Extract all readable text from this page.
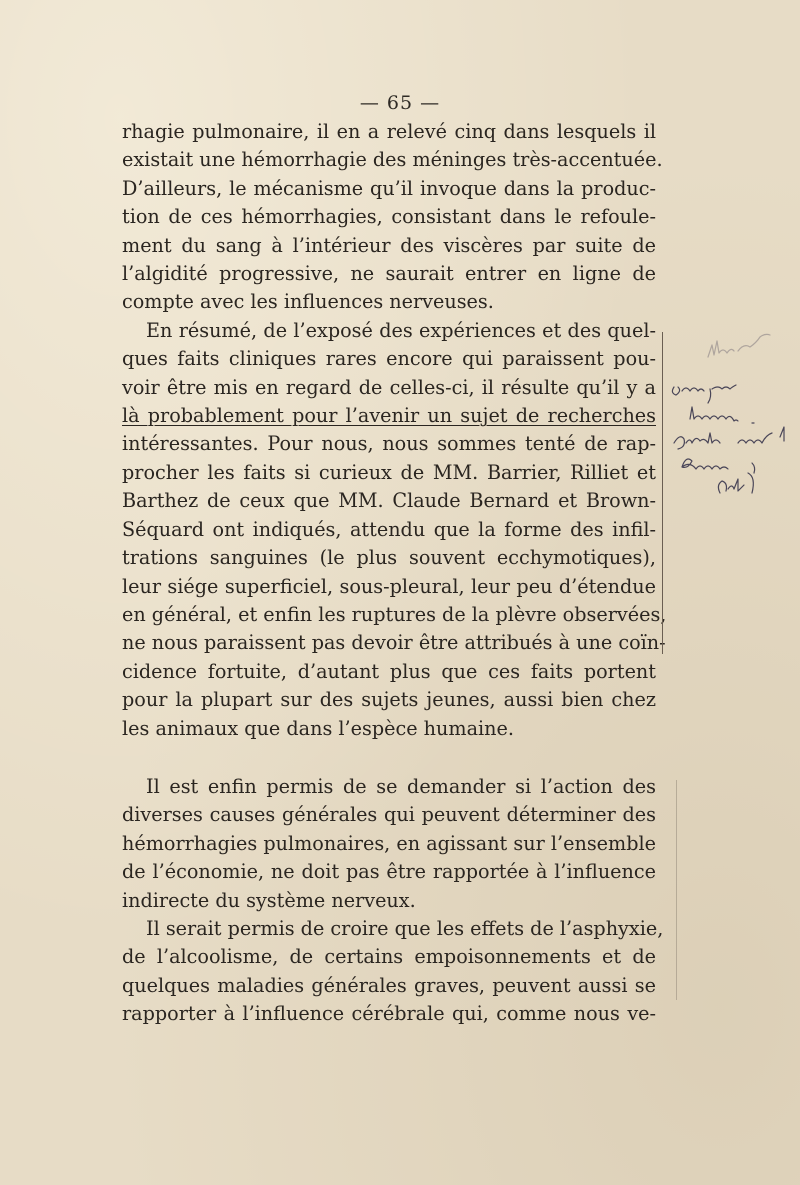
— 65 —

rhagie pulmonaire, il en a relevé cinq dans lesquels il
existait une hémorrhagie des méninges très-accentuée.
D’ailleurs, le mécanisme qu’il invoque dans la produc-
tion de ces hémorrhagies, consistant dans le refoule-
ment du sang à l’intérieur des viscères par suite de
l’algidité progressive, ne saurait entrer en ligne de
compte avec les influences nerveuses.

En résumé, de l’exposé des expériences et des quel-
ques faits cliniques rares encore qui paraissent pou-
voir être mis en regard de celles-ci, il résulte qu’il y a
là probablement pour l’avenir un sujet de recherches
intéressantes. Pour nous, nous sommes tenté de rap-
procher les faits si curieux de MM. Barrier, Rilliet et
Barthez de ceux que MM. Claude Bernard et Brown-
Séquard ont indiqués, attendu que la forme des infil-
trations sanguines (le plus souvent ecchymotiques),
leur siége superficiel, sous-pleural, leur peu d’étendue
en général, et enfin les ruptures de la plèvre observées,
ne nous paraissent pas devoir être attribués à une coïn-
cidence fortuite, d’autant plus que ces faits portent
pour la plupart sur des sujets jeunes, aussi bien chez
les animaux que dans l’espèce humaine.

Il est enfin permis de se demander si l’action des
diverses causes générales qui peuvent déterminer des
hémorrhagies pulmonaires, en agissant sur l’ensemble
de l’économie, ne doit pas être rapportée à l’influence
indirecte du système nerveux.

Il serait permis de croire que les effets de l’asphyxie,
de l’alcoolisme, de certains empoisonnements et de
quelques maladies générales graves, peuvent aussi se
rapporter à l’influence cérébrale qui, comme nous ve-
